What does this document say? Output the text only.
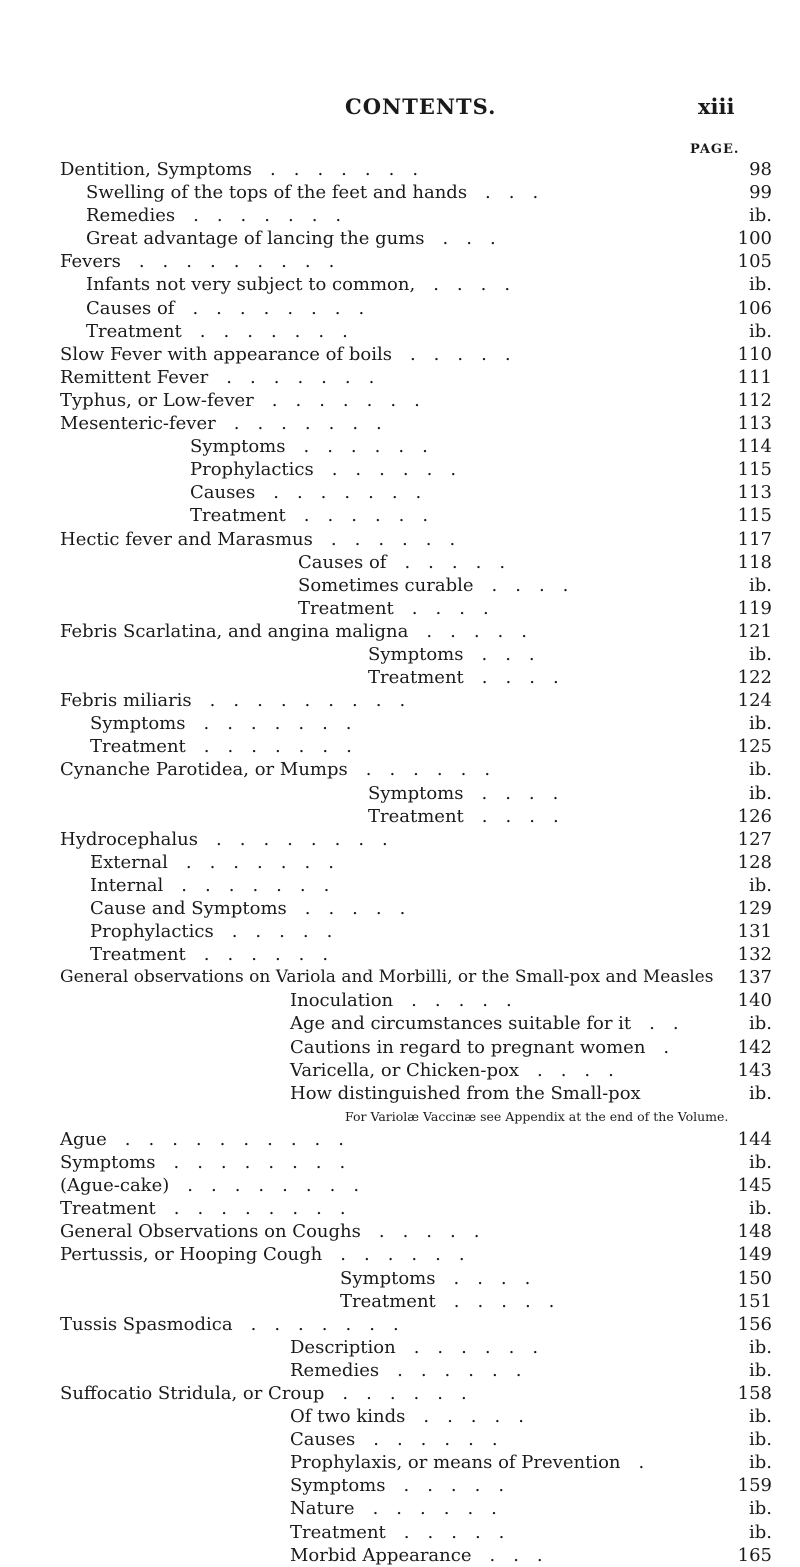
CONTENTS.	xiii
PAGE.
Dentition, Symptoms . . . . . . .	98
Swelling of the tops of the feet and hands . . .	99
Remedies . . . . . . .	ib.
Great advantage of lancing the gums . . .	100
Fevers . . . . . . . . .	105
Infants not very subject to common, . . . .	ib.
Causes of . . . . . . . .	106
Treatment . . . . . . .	ib.
Slow Fever with appearance of boils . . . . .	110
Remittent Fever . . . . . . .	111
Typhus, or Low-fever . . . . . . .	112
Mesenteric-fever . . . . . . .	113
Symptoms . . . . . .	114
Prophylactics . . . . . .	115
Causes . . . . . . .	113
Treatment . . . . . .	115
Hectic fever and Marasmus . . . . . .	117
Causes of . . . . .	118
Sometimes curable . . . .	ib.
Treatment . . . .	119
Febris Scarlatina, and angina maligna . . . . .	121
Symptoms . . .	ib.
Treatment . . . .	122
Febris miliaris . . . . . . . . .	124
Symptoms . . . . . . .	ib.
Treatment . . . . . . .	125
Cynanche Parotidea, or Mumps . . . . . .	ib.
Symptoms . . . .	ib.
Treatment . . . .	126
Hydrocephalus . . . . . . . .	127
External . . . . . . .	128
Internal . . . . . . .	ib.
Cause and Symptoms . . . . .	129
Prophylactics . . . . .	131
Treatment . . . . . .	132
General observations on Variola and Morbilli, or the Small-pox and Measles	137
Inoculation . . . . .	140
Age and circumstances suitable for it . .	ib.
Cautions in regard to pregnant women .	142
Varicella, or Chicken-pox . . . .	143
How distinguished from the Small-pox	ib.
For Variolæ Vaccinæ see Appendix at the end of the Volume.
Ague . . . . . . . . . .	144
Symptoms . . . . . . . .	ib.
(Ague-cake) . . . . . . . .	145
Treatment . . . . . . . .	ib.
General Observations on Coughs . . . . .	148
Pertussis, or Hooping Cough . . . . . .	149
Symptoms . . . .	150
Treatment . . . . .	151
Tussis Spasmodica . . . . . . .	156
Description . . . . . .	ib.
Remedies . . . . . .	ib.
Suffocatio Stridula, or Croup . . . . . .	158
Of two kinds . . . . .	ib.
Causes . . . . . .	ib.
Prophylaxis, or means of Prevention .	ib.
Symptoms . . . . .	159
Nature . . . . . .	ib.
Treatment . . . . .	ib.
Morbid Appearance . . .	165
